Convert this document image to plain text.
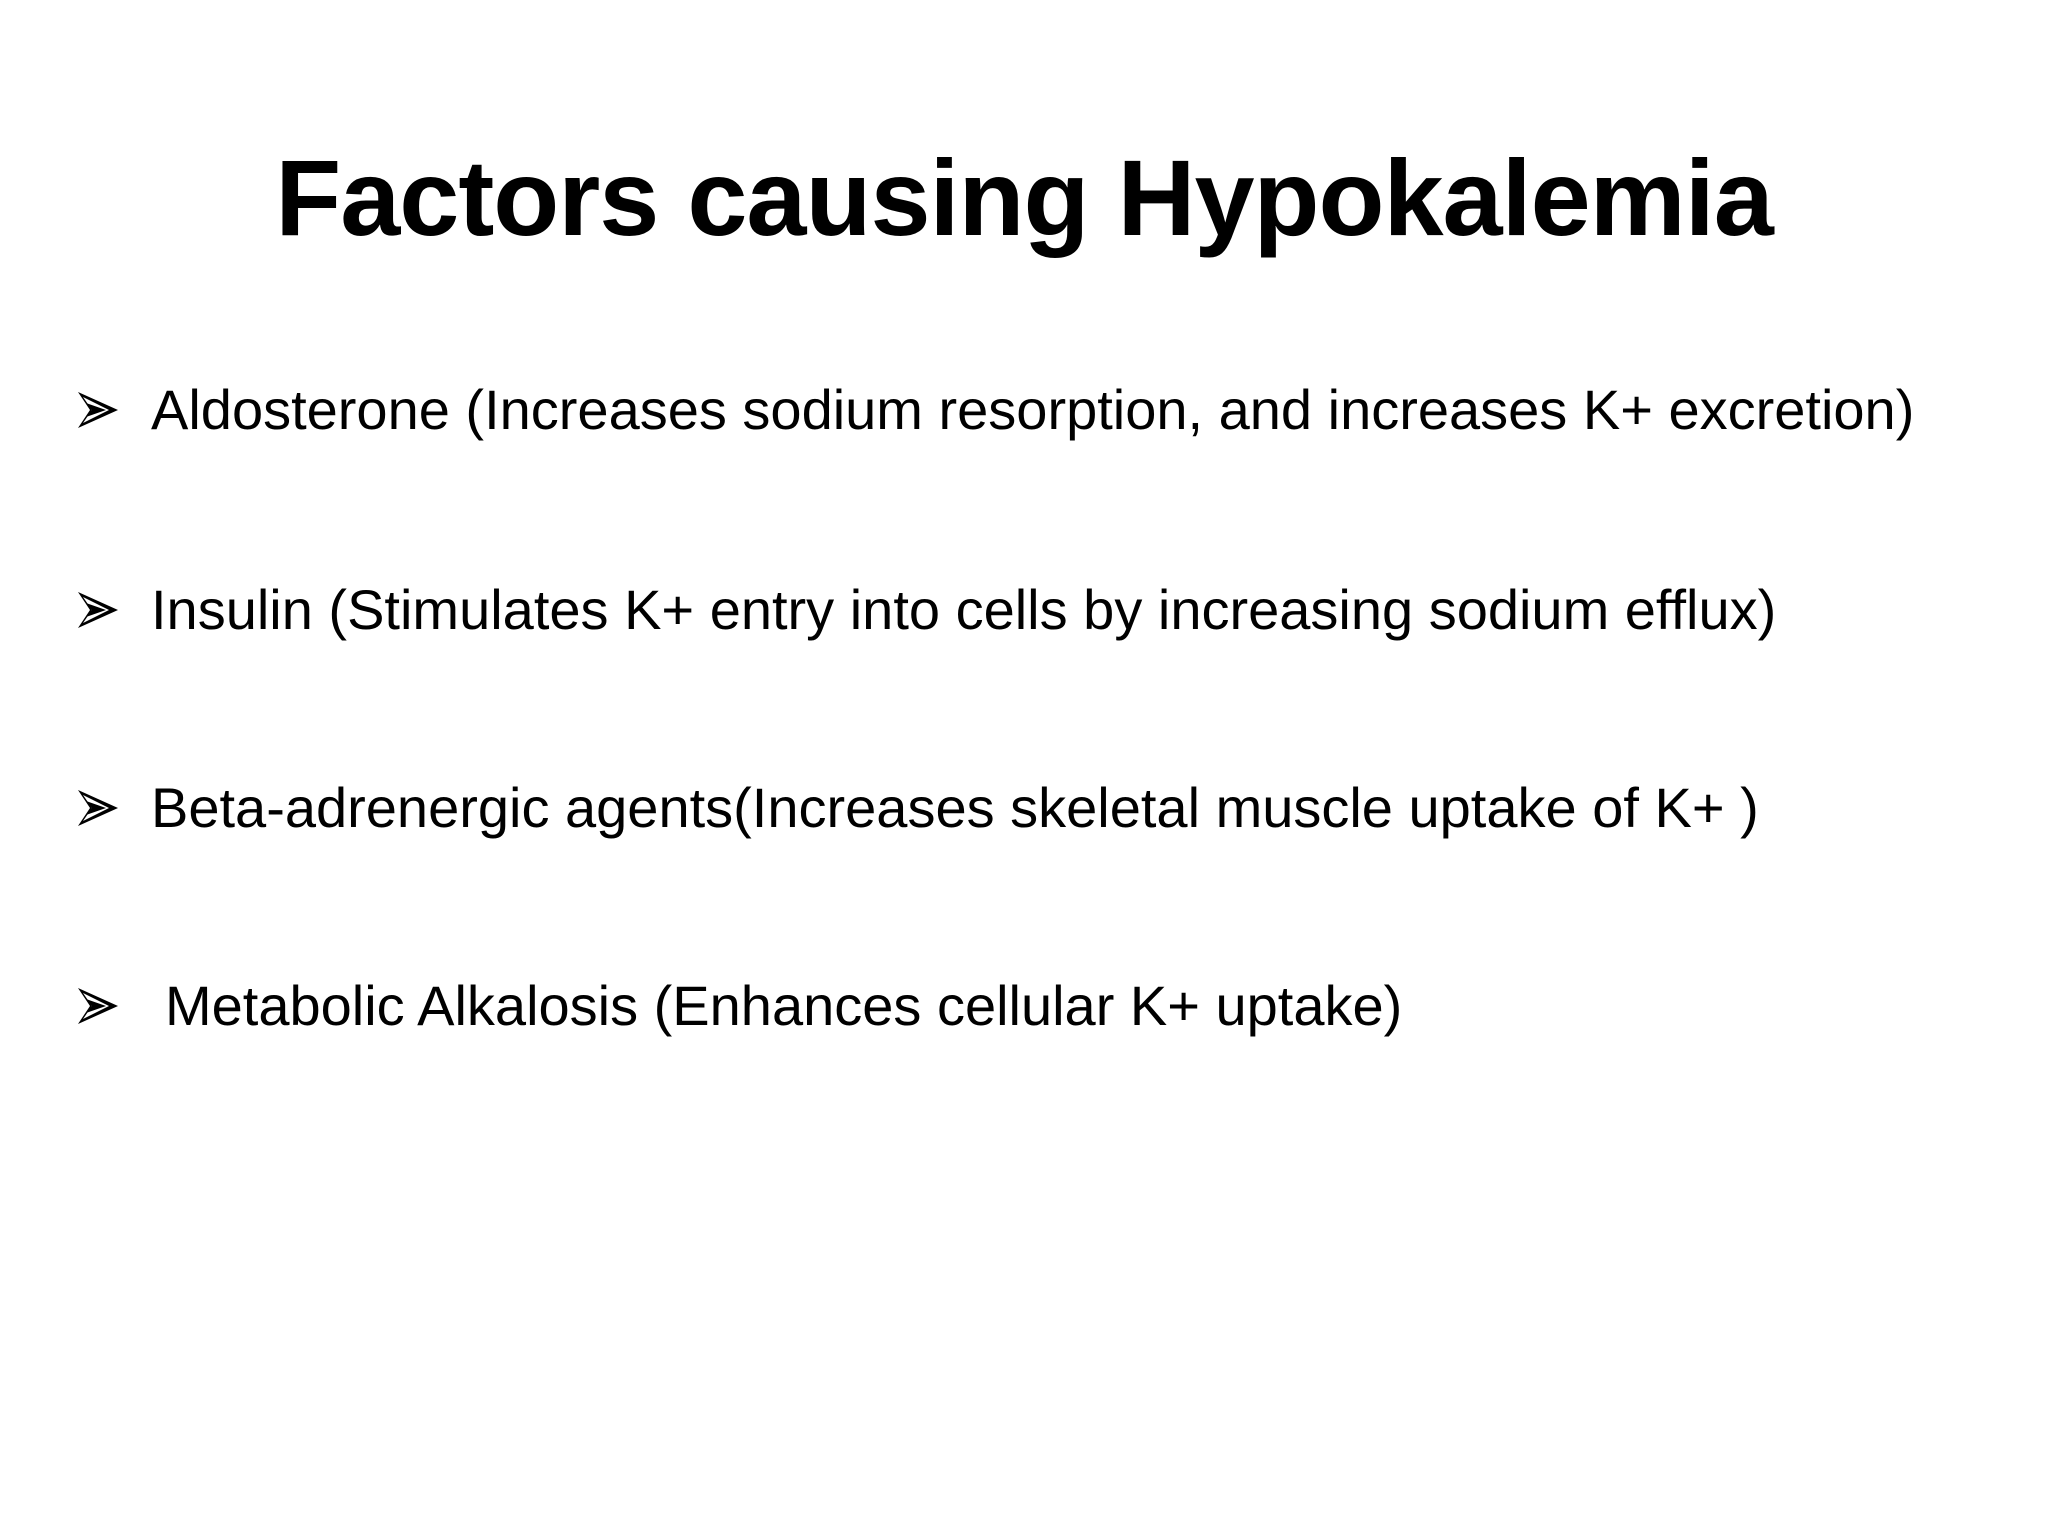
Factors causing Hypokalemia
Aldosterone (Increases sodium resorption, and increases K+ excretion)
Insulin (Stimulates K+ entry into cells by increasing sodium efflux)
Beta-adrenergic agents(Increases skeletal muscle uptake of K+ )
Metabolic Alkalosis (Enhances cellular K+ uptake)
